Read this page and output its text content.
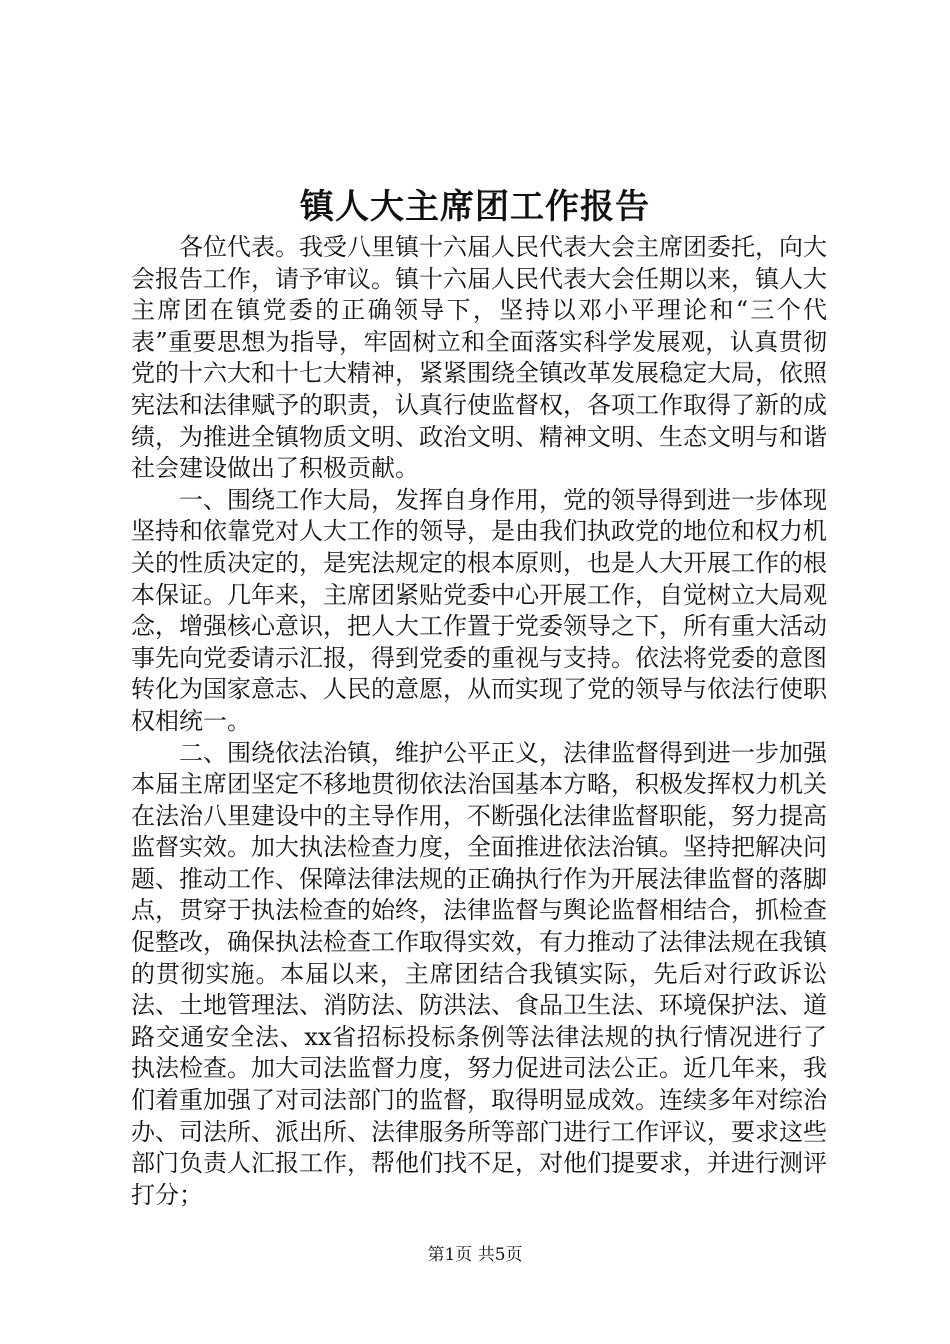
镇人大主席团工作报告

各位代表。我受八里镇十六届人民代表大会主席团委托，向大会报告工作，请予审议。镇十六届人民代表大会任期以来，镇人大主席团在镇党委的正确领导下，坚持以邓小平理论和“三个代表”重要思想为指导，牢固树立和全面落实科学发展观，认真贯彻党的十六大和十七大精神，紧紧围绕全镇改革发展稳定大局，依照宪法和法律赋予的职责，认真行使监督权，各项工作取得了新的成绩，为推进全镇物质文明、政治文明、精神文明、生态文明与和谐社会建设做出了积极贡献。

一、围绕工作大局，发挥自身作用，党的领导得到进一步体现坚持和依靠党对人大工作的领导，是由我们执政党的地位和权力机关的性质决定的，是宪法规定的根本原则，也是人大开展工作的根本保证。几年来，主席团紧贴党委中心开展工作，自觉树立大局观念，增强核心意识，把人大工作置于党委领导之下，所有重大活动事先向党委请示汇报，得到党委的重视与支持。依法将党委的意图转化为国家意志、人民的意愿，从而实现了党的领导与依法行使职权相统一。

二、围绕依法治镇，维护公平正义，法律监督得到进一步加强本届主席团坚定不移地贯彻依法治国基本方略，积极发挥权力机关在法治八里建设中的主导作用，不断强化法律监督职能，努力提高监督实效。加大执法检查力度，全面推进依法治镇。坚持把解决问题、推动工作、保障法律法规的正确执行作为开展法律监督的落脚点，贯穿于执法检查的始终，法律监督与舆论监督相结合，抓检查促整改，确保执法检查工作取得实效，有力推动了法律法规在我镇的贯彻实施。本届以来，主席团结合我镇实际，先后对行政诉讼法、土地管理法、消防法、防洪法、食品卫生法、环境保护法、道路交通安全法、xx省招标投标条例等法律法规的执行情况进行了执法检查。加大司法监督力度，努力促进司法公正。近几年来，我们着重加强了对司法部门的监督，取得明显成效。连续多年对综治办、司法所、派出所、法律服务所等部门进行工作评议，要求这些部门负责人汇报工作，帮他们找不足，对他们提要求，并进行测评打分；

第1页 共5页
